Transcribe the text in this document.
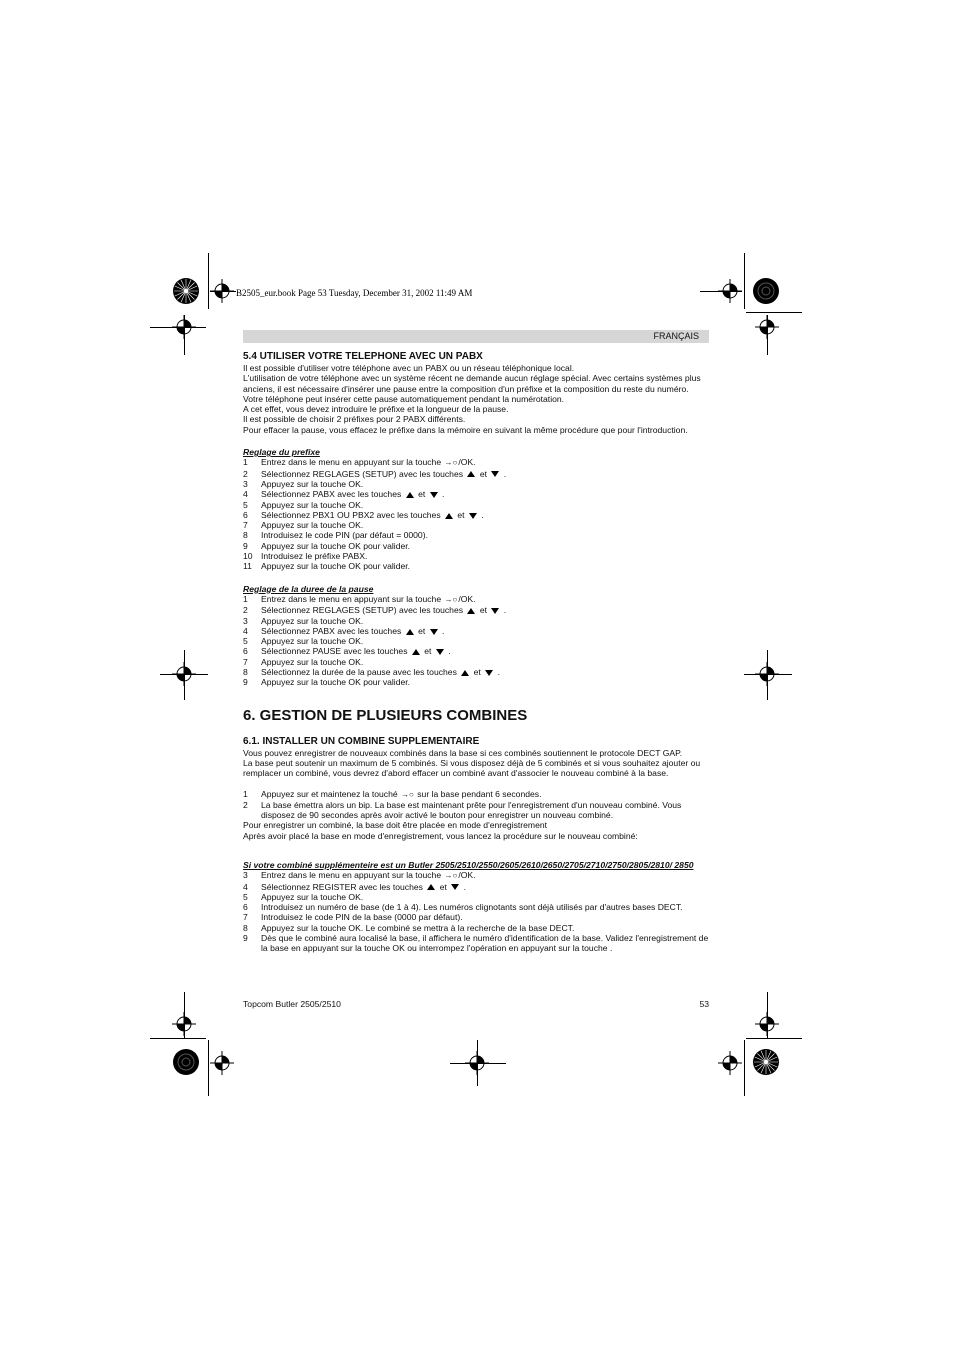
B2505_eur.book Page 53 Tuesday, December 31, 2002 11:49 AM
FRANÇAIS

5.4 UTILISER VOTRE TELEPHONE AVEC UN PABX

Il est possible d'utiliser votre téléphone avec un PABX ou un réseau téléphonique local.

L'utilisation de votre téléphone avec un système récent ne demande aucun réglage spécial. Avec certains systèmes plus anciens, il est nécessaire d'insérer une pause entre la composition d'un préfixe et la composition du reste du numéro. Votre téléphone peut insérer cette pause automatiquement pendant la numérotation.

A cet effet, vous devez introduire le préfixe et la longueur de la pause.

Il est possible de choisir 2 préfixes pour 2 PABX différents.

Pour effacer la pause, vous effacez le préfixe dans la mémoire en suivant la même procédure que pour l'introduction.

Reglage du prefixe

1 Entrez dans le menu en appuyant sur la touche →○/OK.
2 Sélectionnez REGLAGES (SETUP) avec les touches  et  .
3 Appuyez sur la touche OK.
4 Sélectionnez PABX avec les touches  et  .
5 Appuyez sur la touche OK.
6 Sélectionnez PBX1 OU PBX2 avec les touches  et  .
7 Appuyez sur la touche OK.
8 Introduisez le code PIN (par défaut = 0000).
9 Appuyez sur la touche OK pour valider.
10 Introduisez le préfixe PABX.
11 Appuyez sur la touche OK pour valider.

Reglage de la duree de la pause

1 Entrez dans le menu en appuyant sur la touche →○/OK.
2 Sélectionnez REGLAGES (SETUP) avec les touches  et  .
3 Appuyez sur la touche OK.
4 Sélectionnez PABX avec les touches  et  .
5 Appuyez sur la touche OK.
6 Sélectionnez PAUSE avec les touches  et  .
7 Appuyez sur la touche OK.
8 Sélectionnez la durée de la pause avec les touches  et  .
9 Appuyez sur la touche OK pour valider.

6. GESTION DE PLUSIEURS COMBINES

6.1. INSTALLER UN COMBINE SUPPLEMENTAIRE

Vous pouvez enregistrer de nouveaux combinés dans la base si ces combinés soutiennent le protocole DECT GAP.

La base peut soutenir un maximum de 5 combinés. Si vous disposez déjà de 5 combinés et si vous souhaitez ajouter ou remplacer un combiné, vous devrez d'abord effacer un combiné avant d'associer le nouveau combiné à la base.

1 Appuyez sur et maintenez la touché →○ sur la base pendant 6 secondes.
2 La base émettra alors un bip. La base est maintenant prête pour l'enregistrement d'un nouveau combiné. Vous disposez de 90 secondes après avoir activé le bouton pour enregistrer un nouveau combiné.

Pour enregistrer un combiné, la base doit être placée en mode d'enregistrement

Après avoir placé la base en mode d'enregistrement, vous lancez la procédure sur le nouveau combiné:

Si votre combiné supplémenteire est un Butler 2505/2510/2550/2605/2610/2650/2705/2710/2750/2805/2810/ 2850

3 Entrez dans le menu en appuyant sur la touche →○/OK.
4 Sélectionnez REGISTER avec les touches  et  .
5 Appuyez sur la touche OK.
6 Introduisez un numéro de base (de 1 à 4). Les numéros clignotants sont déjà utilisés par d'autres bases DECT.
7 Introduisez le code PIN de la base (0000 par défaut).
8 Appuyez sur la touche OK. Le combiné se mettra à la recherche de la base DECT.
9 Dès que le combiné aura localisé la base, il affichera le numéro d'identification de la base. Validez l'enregistrement de la base en appuyant sur la touche OK ou interrompez l'opération en appuyant sur la touche .
Topcom Butler 2505/2510	53
